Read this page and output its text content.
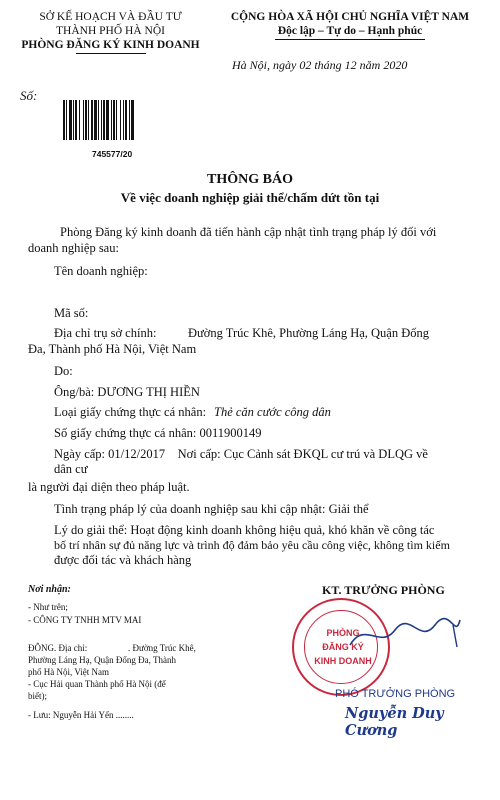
SỞ KẾ HOẠCH VÀ ĐẦU TƯ
THÀNH PHỐ HÀ NỘI
PHÒNG ĐĂNG KÝ KINH DOANH
CỘNG HÒA XÃ HỘI CHỦ NGHĨA VIỆT NAM
Độc lập – Tự do – Hạnh phúc
Hà Nội, ngày 02 tháng 12 năm 2020
Số:
745577/20
THÔNG BÁO
Về việc doanh nghiệp giải thể/chấm dứt tồn tại
Phòng Đăng ký kinh doanh đã tiến hành cập nhật tình trạng pháp lý đối với
doanh nghiệp sau:
Tên doanh nghiệp:
Mã số:
Địa chỉ trụ sở chính:	Đường Trúc Khê, Phường Láng Hạ, Quận Đống
Đa, Thành phố Hà Nội, Việt Nam
Do:
Ông/bà: DƯƠNG THỊ HIỀN
Loại giấy chứng thực cá nhân: Thẻ căn cước công dân
Số giấy chứng thực cá nhân: 0011900149
Ngày cấp: 01/12/2017    Nơi cấp: Cục Cảnh sát ĐKQL cư trú và DLQG về
dân cư
là người đại diện theo pháp luật.
Tình trạng pháp lý của doanh nghiệp sau khi cập nhật: Giải thể
Lý do giải thể: Hoạt động kinh doanh không hiệu quả, khó khăn về công tác
bố trí nhân sự đủ năng lực và trình độ đảm bảo yêu cầu công việc, không tìm kiếm
được đối tác và khách hàng
Nơi nhận:
- Như trên;
- CÔNG TY TNHH MTV MAI
ĐÔNG. Địa chỉ:	. Đường Trúc Khê,
Phường Láng Hạ, Quận Đống Đa, Thành
phố Hà Nội, Việt Nam
- Cục Hải quan Thành phố Hà Nội (để
biết);
- Lưu: Nguyễn Hải Yến ........
PHÒNG
ĐĂNG KÝ
KINH DOANH
KT. TRƯỞNG PHÒNG
PHÓ TRƯỞNG PHÒNG
Nguyễn Duy Cương
